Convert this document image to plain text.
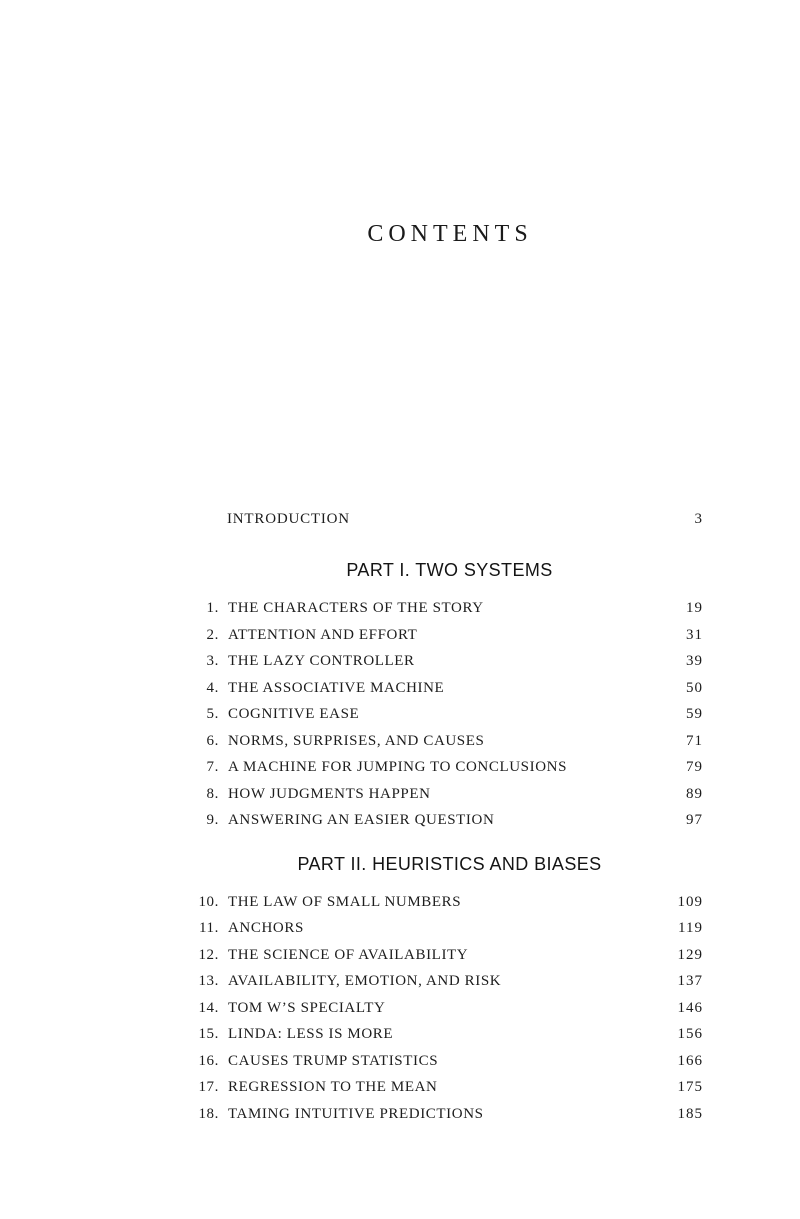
CONTENTS
INTRODUCTION	3
PART I. TWO SYSTEMS
1. THE CHARACTERS OF THE STORY	19
2. ATTENTION AND EFFORT	31
3. THE LAZY CONTROLLER	39
4. THE ASSOCIATIVE MACHINE	50
5. COGNITIVE EASE	59
6. NORMS, SURPRISES, AND CAUSES	71
7. A MACHINE FOR JUMPING TO CONCLUSIONS	79
8. HOW JUDGMENTS HAPPEN	89
9. ANSWERING AN EASIER QUESTION	97
PART II. HEURISTICS AND BIASES
10. THE LAW OF SMALL NUMBERS	109
11. ANCHORS	119
12. THE SCIENCE OF AVAILABILITY	129
13. AVAILABILITY, EMOTION, AND RISK	137
14. TOM W’S SPECIALTY	146
15. LINDA: LESS IS MORE	156
16. CAUSES TRUMP STATISTICS	166
17. REGRESSION TO THE MEAN	175
18. TAMING INTUITIVE PREDICTIONS	185
